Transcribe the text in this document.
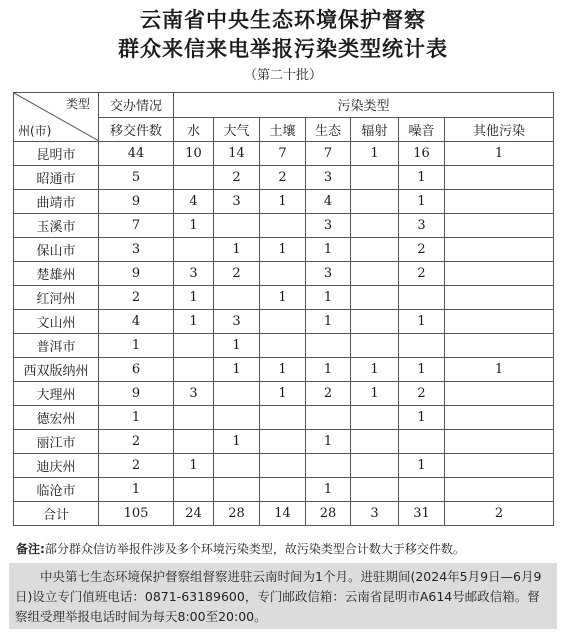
云南省中央生态环境保护督察
群众来信来电举报污染类型统计表
（第二十批）
类型
州(市)	交办情况	污染类型						
	移交件数	水	大气	土壤	生态	辐射	噪音	其他污染
昆明市	44	10	14	7	7	1	16	1
昭通市	5		2	2	3		1	
曲靖市	9	4	3	1	4		1	
玉溪市	7	1			3		3	
保山市	3		1	1	1		2	
楚雄州	9	3	2		3		2	
红河州	2	1		1	1			
文山州	4	1	3		1		1	
普洱市	1		1					
西双版纳州	6		1	1	1	1	1	1
大理州	9	3		1	2	1	2	
德宏州	1						1	
丽江市	2		1		1			
迪庆州	2	1					1	
临沧市	1				1			
合计	105	24	28	14	28	3	31	2
备注:部分群众信访举报件涉及多个环境污染类型，故污染类型合计数大于移交件数。
中央第七生态环境保护督察组督察进驻云南时间为1个月。进驻期间(2024年5月9日—6月9日)设立专门值班电话：0871-63189600，专门邮政信箱：云南省昆明市A614号邮政信箱。督察组受理举报电话时间为每天8:00至20:00。
